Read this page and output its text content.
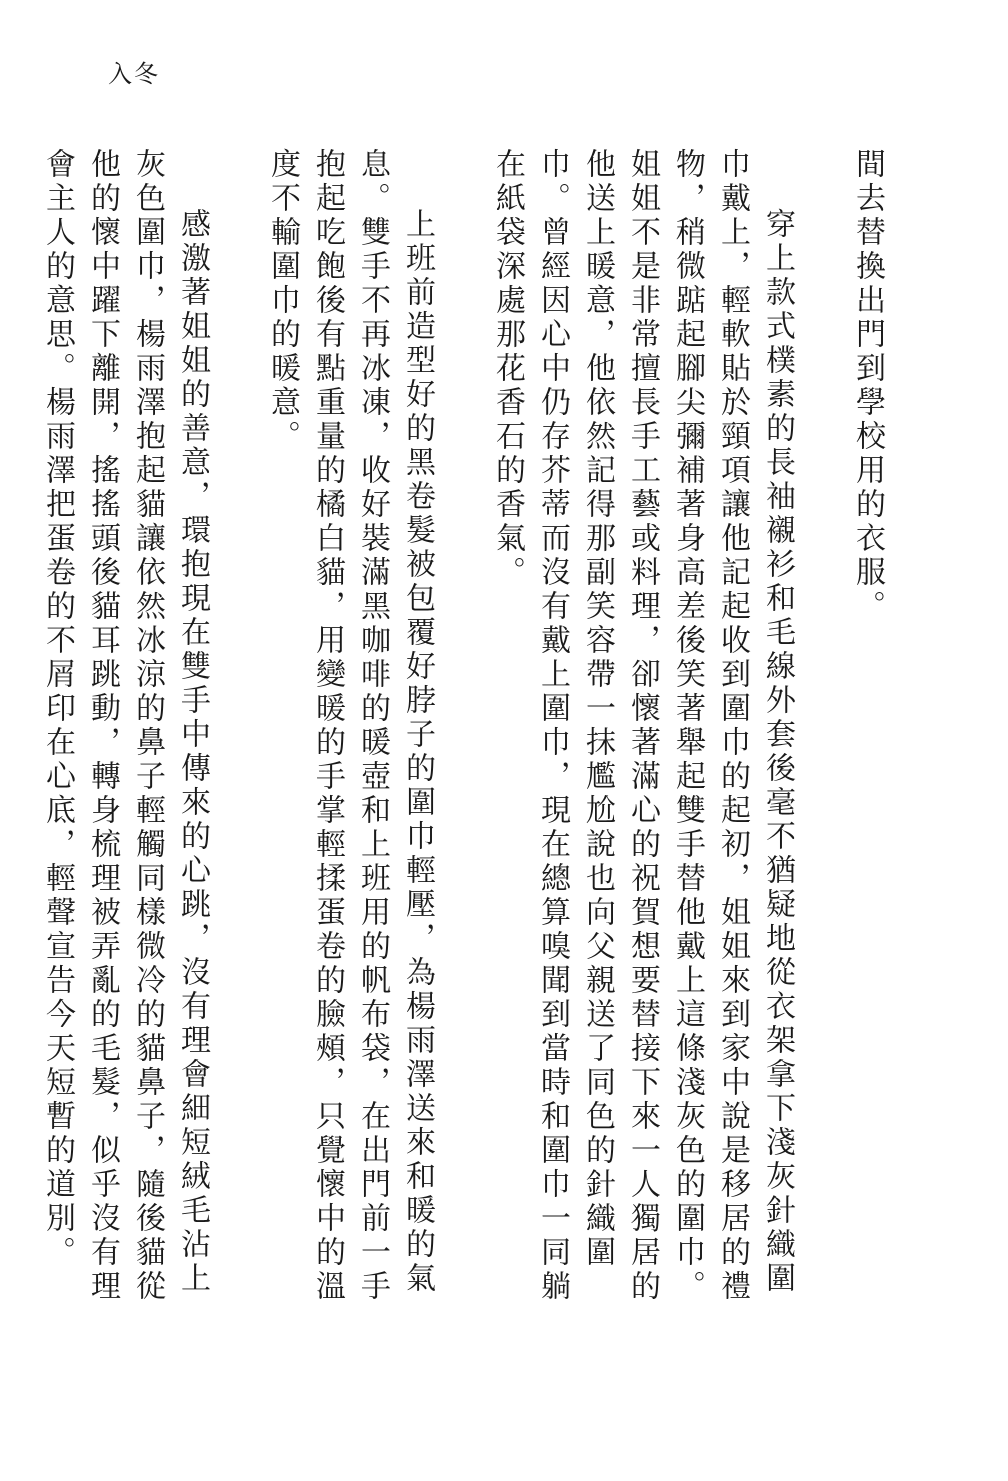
入冬

間去替換出門到學校用的衣服。

穿上款式樸素的長袖襯衫和毛線外套後毫不猶疑地從衣架拿下淺灰針織圍巾戴上，輕軟貼於頸項讓他記起收到圍巾的起初，姐姐來到家中說是移居的禮物，稍微踮起腳尖彌補著身高差後笑著舉起雙手替他戴上這條淺灰色的圍巾。姐姐不是非常擅長手工藝或料理，卻懷著滿心的祝賀想要替接下來一人獨居的他送上暖意，他依然記得那副笑容帶一抹尷尬說也向父親送了同色的針織圍巾。曾經因心中仍存芥蒂而沒有戴上圍巾，現在總算嗅聞到當時和圍巾一同躺在紙袋深處那花香石的香氣。

上班前造型好的黑卷髮被包覆好脖子的圍巾輕壓，為楊雨澤送來和暖的氣息。雙手不再冰凍，收好裝滿黑咖啡的暖壺和上班用的帆布袋，在出門前一手抱起吃飽後有點重量的橘白貓，用變暖的手掌輕揉蛋卷的臉頰，只覺懷中的溫度不輸圍巾的暖意。

感激著姐姐的善意，環抱現在雙手中傳來的心跳，沒有理會細短絨毛沾上灰色圍巾，楊雨澤抱起貓讓依然冰涼的鼻子輕觸同樣微冷的貓鼻子，隨後貓從他的懷中躍下離開，搖搖頭後貓耳跳動，轉身梳理被弄亂的毛髮，似乎沒有理會主人的意思。楊雨澤把蛋卷的不屑印在心底，輕聲宣告今天短暫的道別。
